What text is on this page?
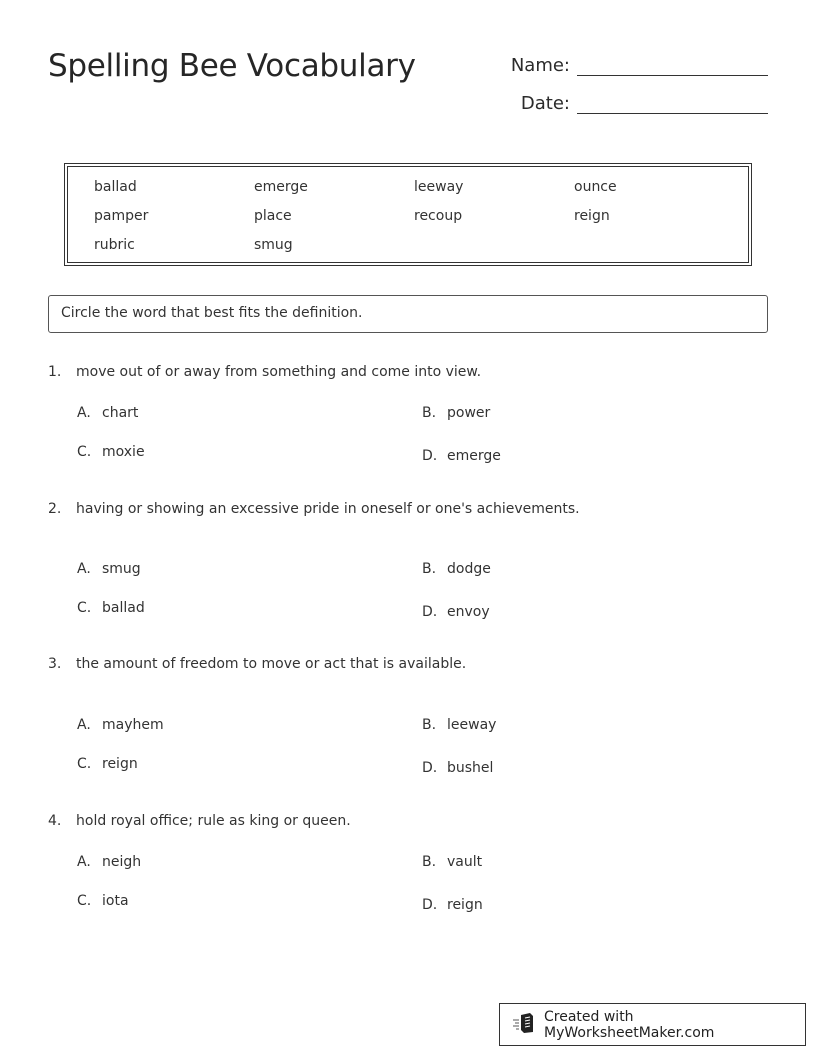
Spelling Bee Vocabulary	Name:
Date:
ballad	emerge	leeway	ounce
pamper	place	recoup	reign
rubric	smug
Circle the word that best fits the definition.
1.	move out of or away from something and come into view.
A. chart	B. power
C. moxie	D. emerge
2.	having or showing an excessive pride in oneself or one's achievements.
A. smug	B. dodge
C. ballad	D. envoy
3.	the amount of freedom to move or act that is available.
A. mayhem	B. leeway
C. reign	D. bushel
4.	hold royal office; rule as king or queen.
A. neigh	B. vault
C. iota	D. reign
Created with MyWorksheetMaker.com
